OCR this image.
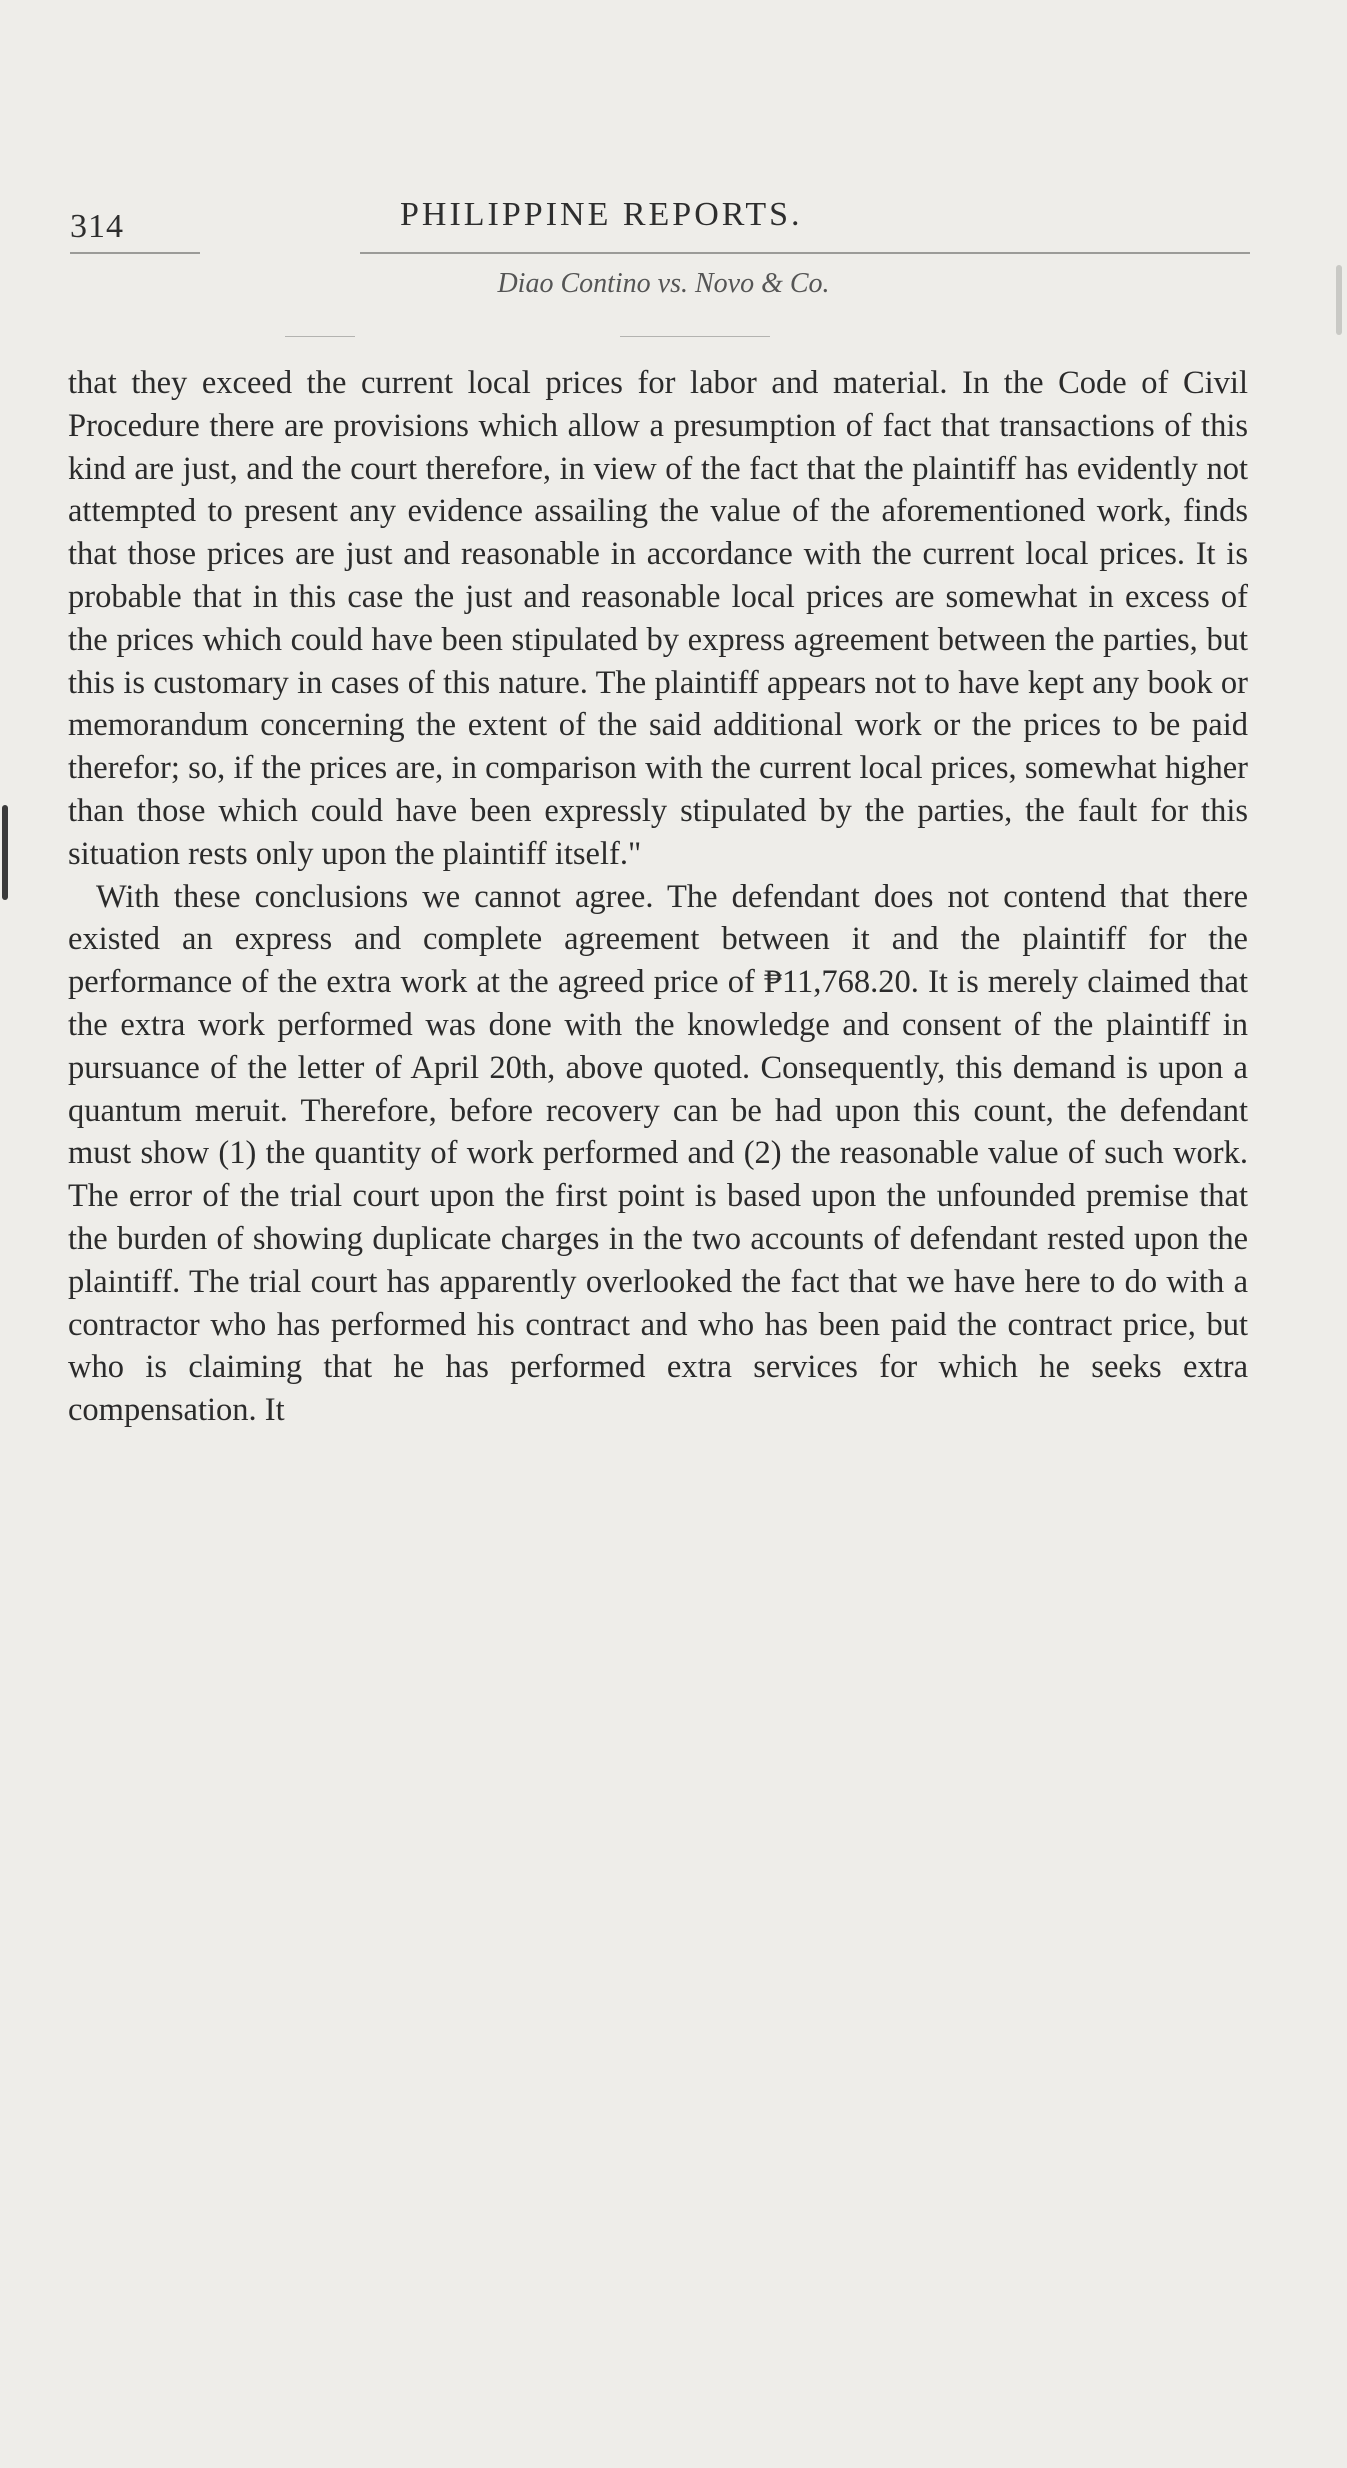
314	PHILIPPINE REPORTS.
Diao Contino vs. Novo & Co.

that they exceed the current local prices for labor and material. In the Code of Civil Procedure there are provisions which allow a presumption of fact that transactions of this kind are just, and the court therefore, in view of the fact that the plaintiff has evidently not attempted to present any evidence assailing the value of the aforementioned work, finds that those prices are just and reasonable in accordance with the current local prices. It is probable that in this case the just and reasonable local prices are somewhat in excess of the prices which could have been stipulated by express agreement between the parties, but this is customary in cases of this nature. The plaintiff appears not to have kept any book or memorandum concerning the extent of the said additional work or the prices to be paid therefor; so, if the prices are, in comparison with the current local prices, somewhat higher than those which could have been expressly stipulated by the parties, the fault for this situation rests only upon the plaintiff itself."

With these conclusions we cannot agree. The defendant does not contend that there existed an express and complete agreement between it and the plaintiff for the performance of the extra work at the agreed price of ₱11,768.20. It is merely claimed that the extra work performed was done with the knowledge and consent of the plaintiff in pursuance of the letter of April 20th, above quoted. Consequently, this demand is upon a quantum meruit. Therefore, before recovery can be had upon this count, the defendant must show (1) the quantity of work performed and (2) the reasonable value of such work. The error of the trial court upon the first point is based upon the unfounded premise that the burden of showing duplicate charges in the two accounts of defendant rested upon the plaintiff. The trial court has apparently overlooked the fact that we have here to do with a contractor who has performed his contract and who has been paid the contract price, but who is claiming that he has performed extra services for which he seeks extra compensation. It
